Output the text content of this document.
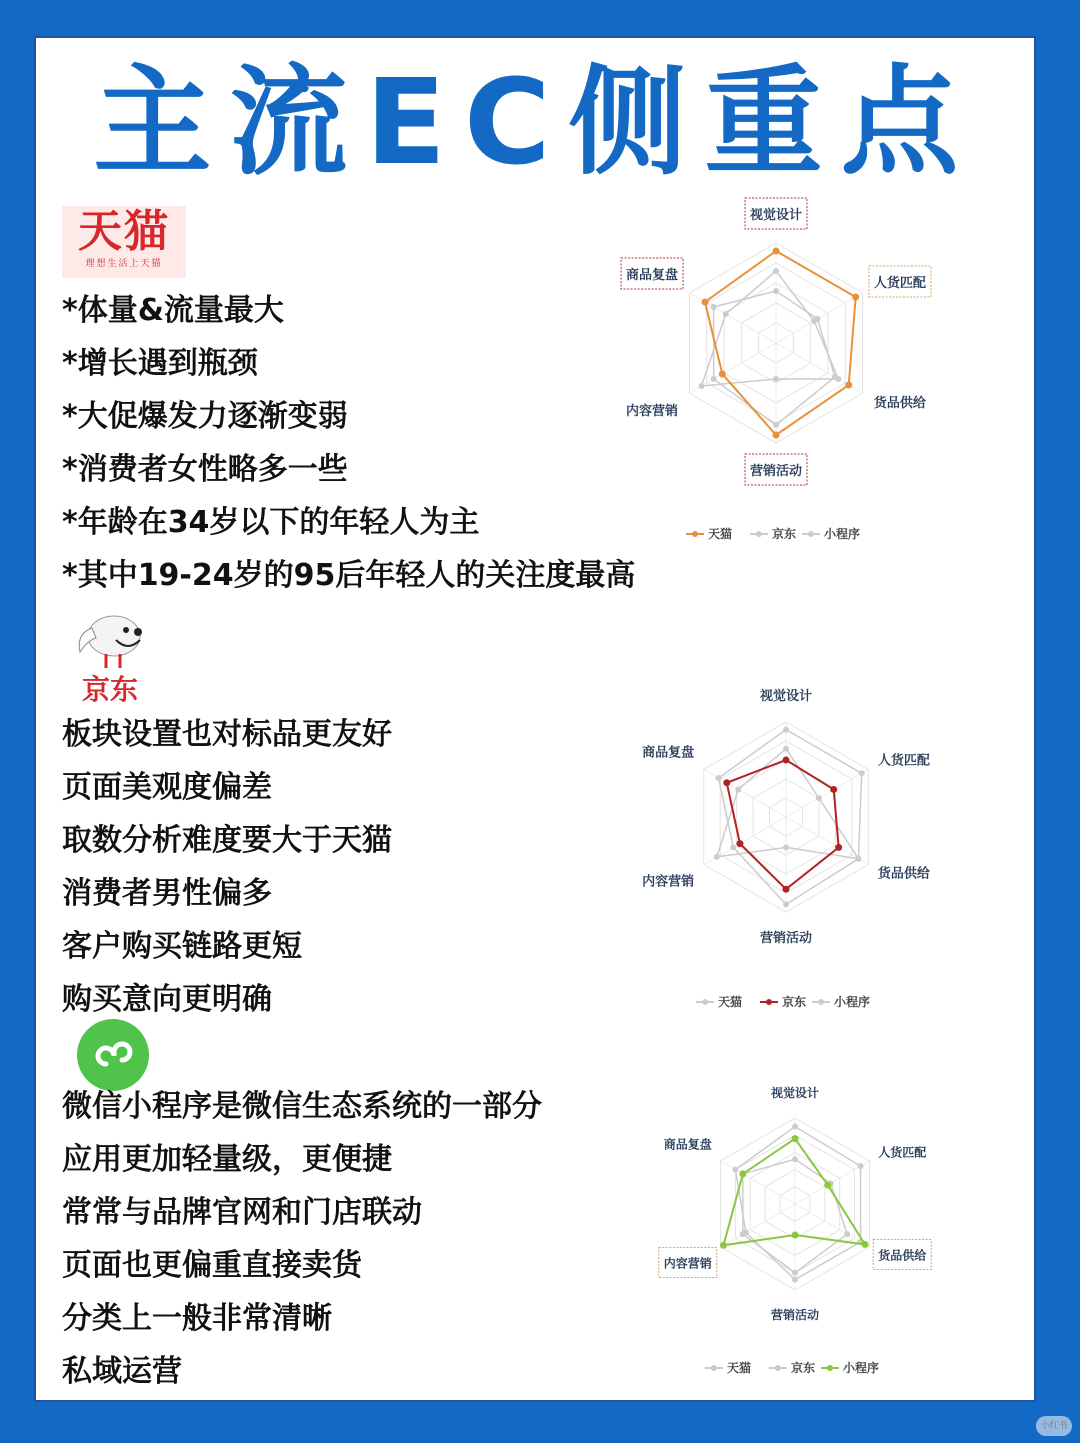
主流EC侧重点
天猫
理想生活上天猫
*体量&流量最大
*增长遇到瓶颈
*大促爆发力逐渐变弱
*消费者女性略多一些
*年龄在34岁以下的年轻人为主
*其中19-24岁的95后年轻人的关注度最高
京东
板块设置也对标品更友好
页面美观度偏差
取数分析难度要大于天猫
消费者男性偏多
客户购买链路更短
购买意向更明确
微信小程序是微信生态系统的一部分
应用更加轻量级，更便捷
常常与品牌官网和门店联动
页面也更偏重直接卖货
分类上一般非常清晰
私域运营
视觉设计
人货匹配
货品供给
营销活动
内容营销
商品复盘
天猫	京东 小程序
视觉设计
人货匹配
货品供给
营销活动
内容营销
商品复盘
天猫	京东 小程序
视觉设计
人货匹配
货品供给
营销活动
内容营销
商品复盘
天猫	京东 小程序
小红书
